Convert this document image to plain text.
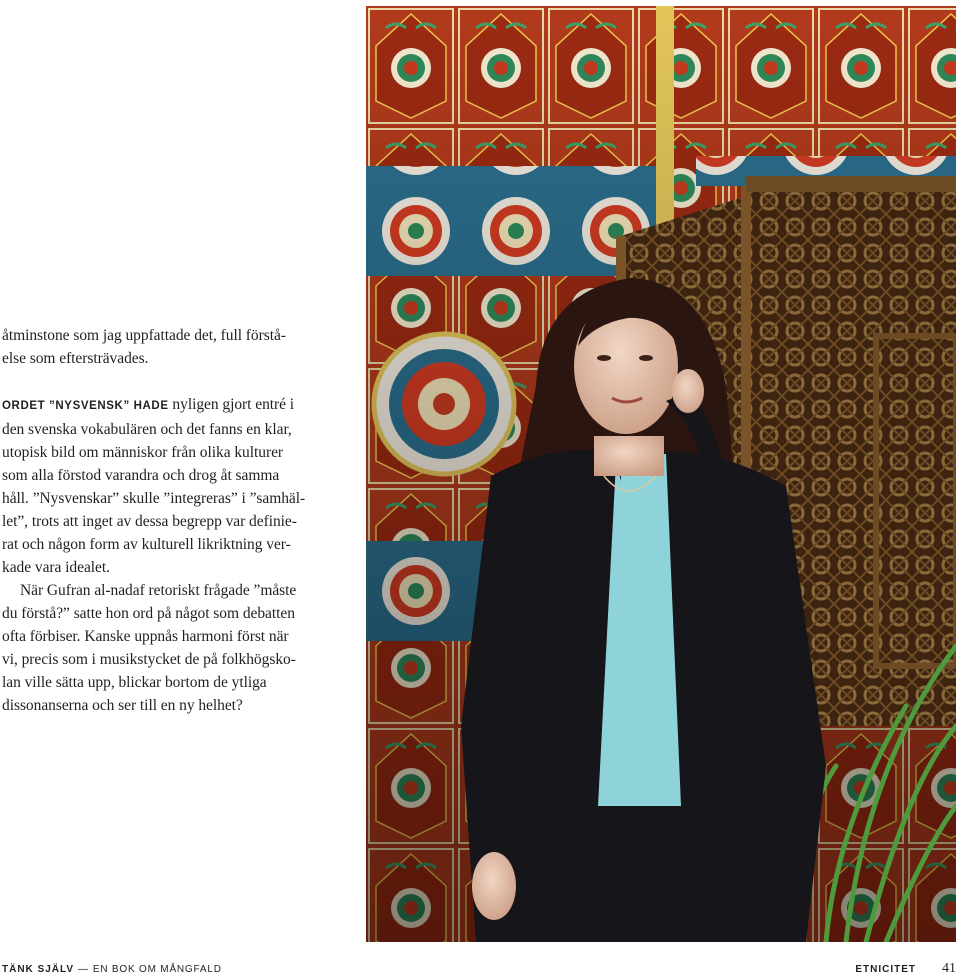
åtminstone som jag uppfattade det, full förstå-
else som eftersträvades.

ORDET ”NYSVENSK” HADE nyligen gjort entré i
den svenska vokabulären och det fanns en klar,
utopisk bild om människor från olika kulturer
som alla förstod varandra och drog åt samma
håll. ”Nysvenskar” skulle ”integreras” i ”samhäl-
let”, trots att inget av dessa begrepp var definie-
rat och någon form av kulturell likriktning ver-
kade vara idealet.

När Gufran al-nadaf retoriskt frågade ”måste
du förstå?” satte hon ord på något som debatten
ofta förbiser. Kanske uppnås harmoni först när
vi, precis som i musikstycket de på folkhögsko-
lan ville sätta upp, blickar bortom de ytliga
dissonanserna och ser till en ny helhet?

TÄNK SJÄLV — EN BOK OM MÅNGFALD	ETNICITET 41
